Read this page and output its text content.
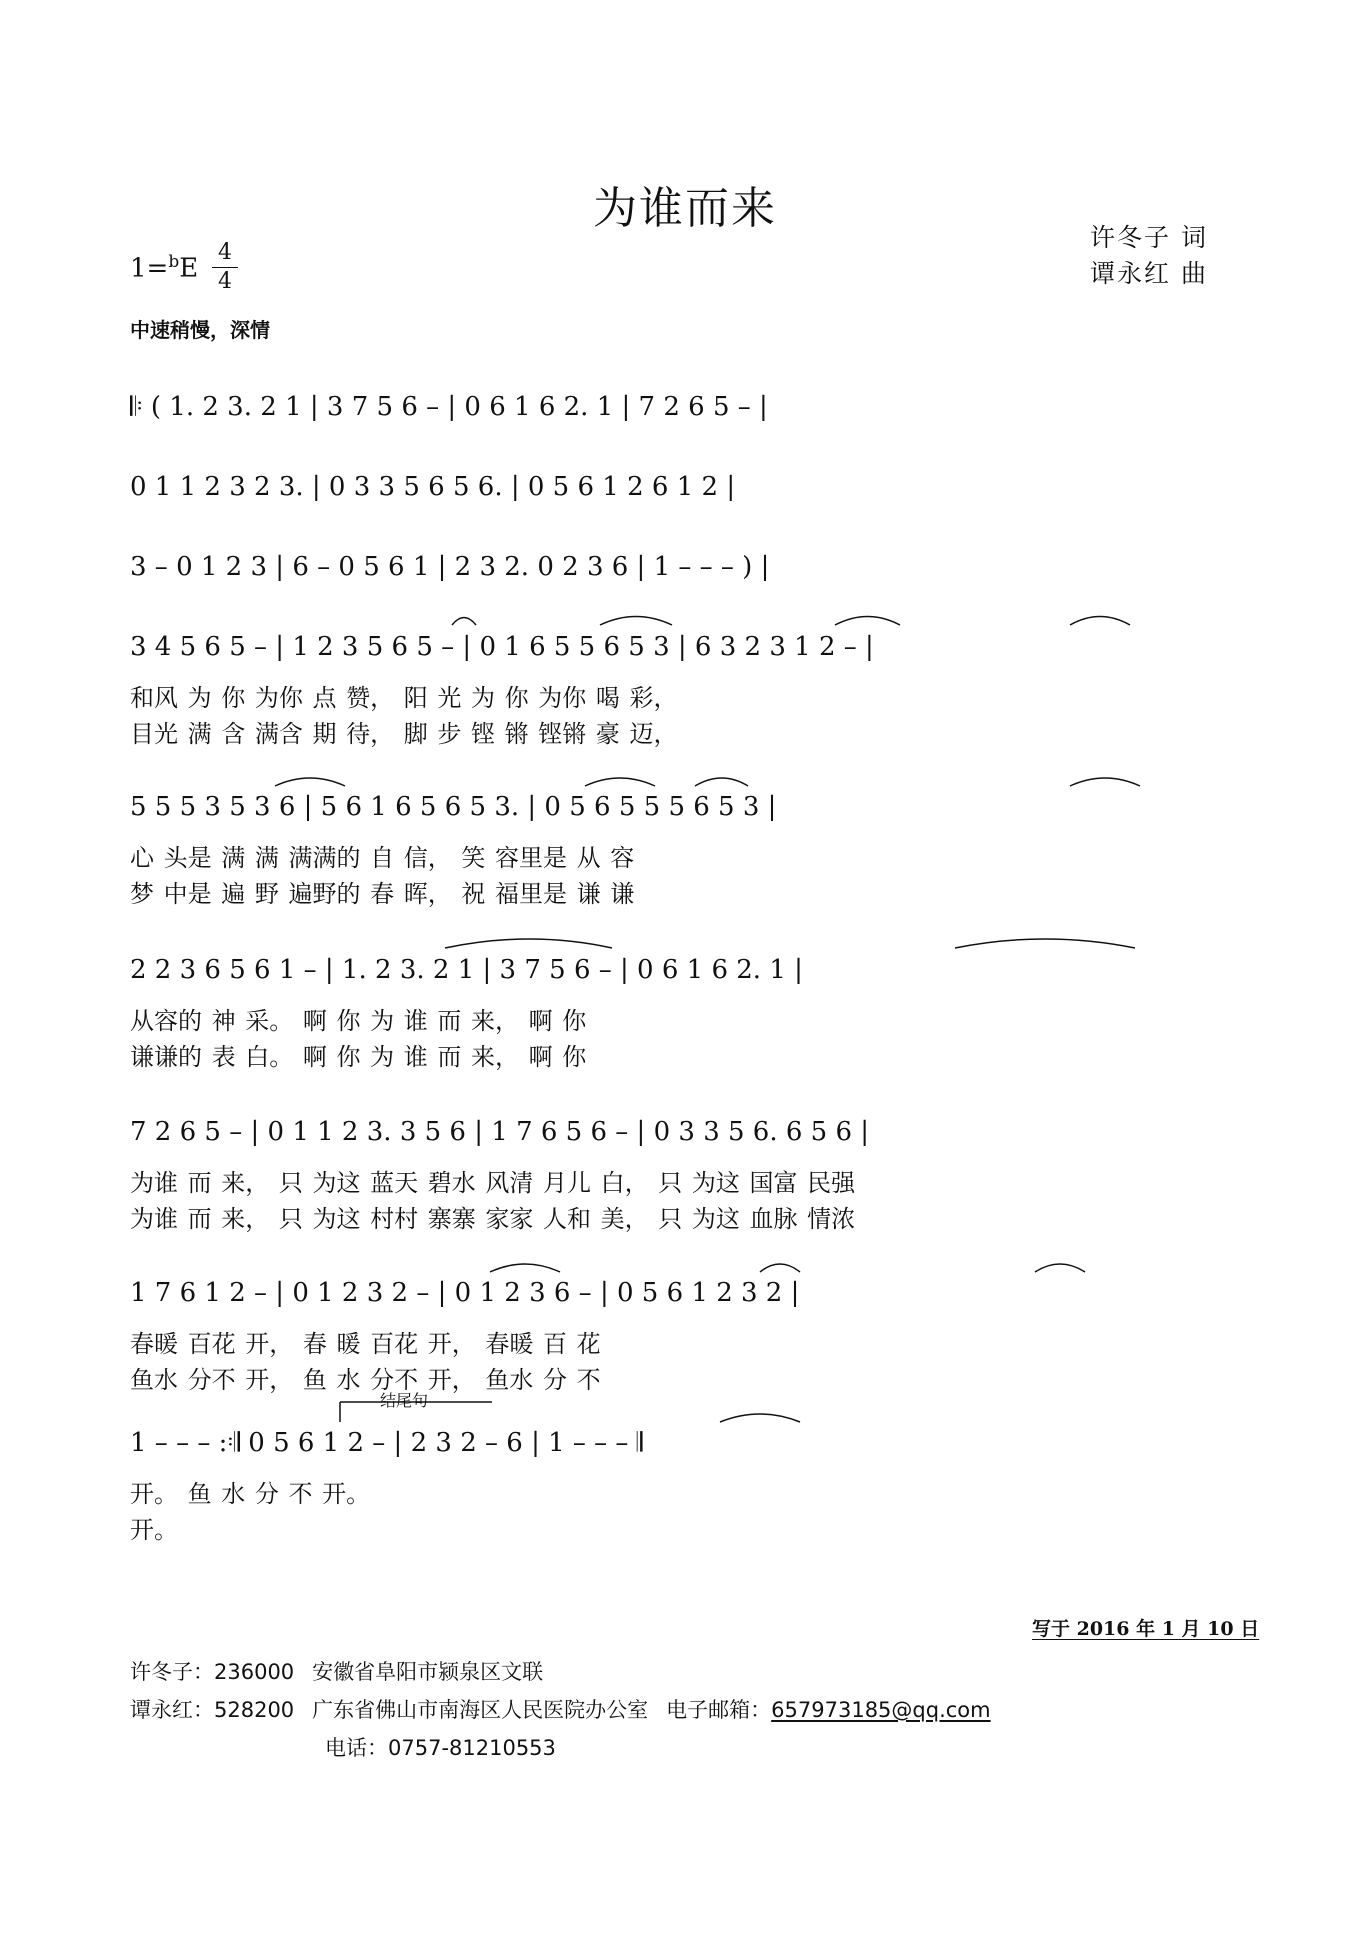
为谁而来
许冬子 词
谭永红 曲
1=$^b$E
4
4
中速稍慢，深情
𝄆 ( 1. 2 3. 2 1 | 3 7 5 6 – | 0 6 1 6 2. 1 | 7 2 6 5 – |
0 1 1 2 3 2 3. | 0 3 3 5 6 5 6. | 0 5 6 1 2 6 1 2 |
3 – 0 1 2 3 | 6 – 0 5 6 1 | 2 3 2. 0 2 3 6 | 1 – – – ) |
3 4 5 6 5 – | 1 2 3 5 6 5 – | 0 1 6 5 5 6 5 3 | 6 3 2 3 1 2 – |
和风 为 你 为你 点 赞， 阳 光 为 你 为你 喝 彩，
目光 满 含 满含 期 待， 脚 步 铿 锵 铿锵 豪 迈，
5 5 5 3 5 3 6 | 5 6 1 6 5 6 5 3. | 0 5 6 5 5 5 6 5 3 |
心 头是 满 满 满满的 自 信， 笑 容里是 从 容
梦 中是 遍 野 遍野的 春 晖， 祝 福里是 谦 谦
2 2 3 6 5 6 1 – | 1. 2 3. 2 1 | 3 7 5 6 – | 0 6 1 6 2. 1 |
从容的 神 采。 啊 你 为 谁 而 来， 啊 你
谦谦的 表 白。 啊 你 为 谁 而 来， 啊 你
7 2 6 5 – | 0 1 1 2 3. 3 5 6 | 1 7 6 5 6 – | 0 3 3 5 6. 6 5 6 |
为谁 而 来， 只 为这 蓝天 碧水 风清 月儿 白， 只 为这 国富 民强
为谁 而 来， 只 为这 村村 寨寨 家家 人和 美， 只 为这 血脉 情浓
1 7 6 1 2 – | 0 1 2 3 2 – | 0 1 2 3 6 – | 0 5 6 1 2 3 2 |
春暖 百花 开， 春 暖 百花 开， 春暖 百 花
鱼水 分不 开， 鱼 水 分不 开， 鱼水 分 不
结尾句
1 – – – :𝄇 0 5 6 1 2 – | 2 3 2 – 6 | 1 – – – 𝄂
开。 鱼 水 分 不 开。
开。
写于 2016 年 1 月 10 日
许冬子：236000 安徽省阜阳市颍泉区文联
谭永红：528200 广东省佛山市南海区人民医院办公室 电子邮箱：657973185@qq.com
电话：0757-81210553
